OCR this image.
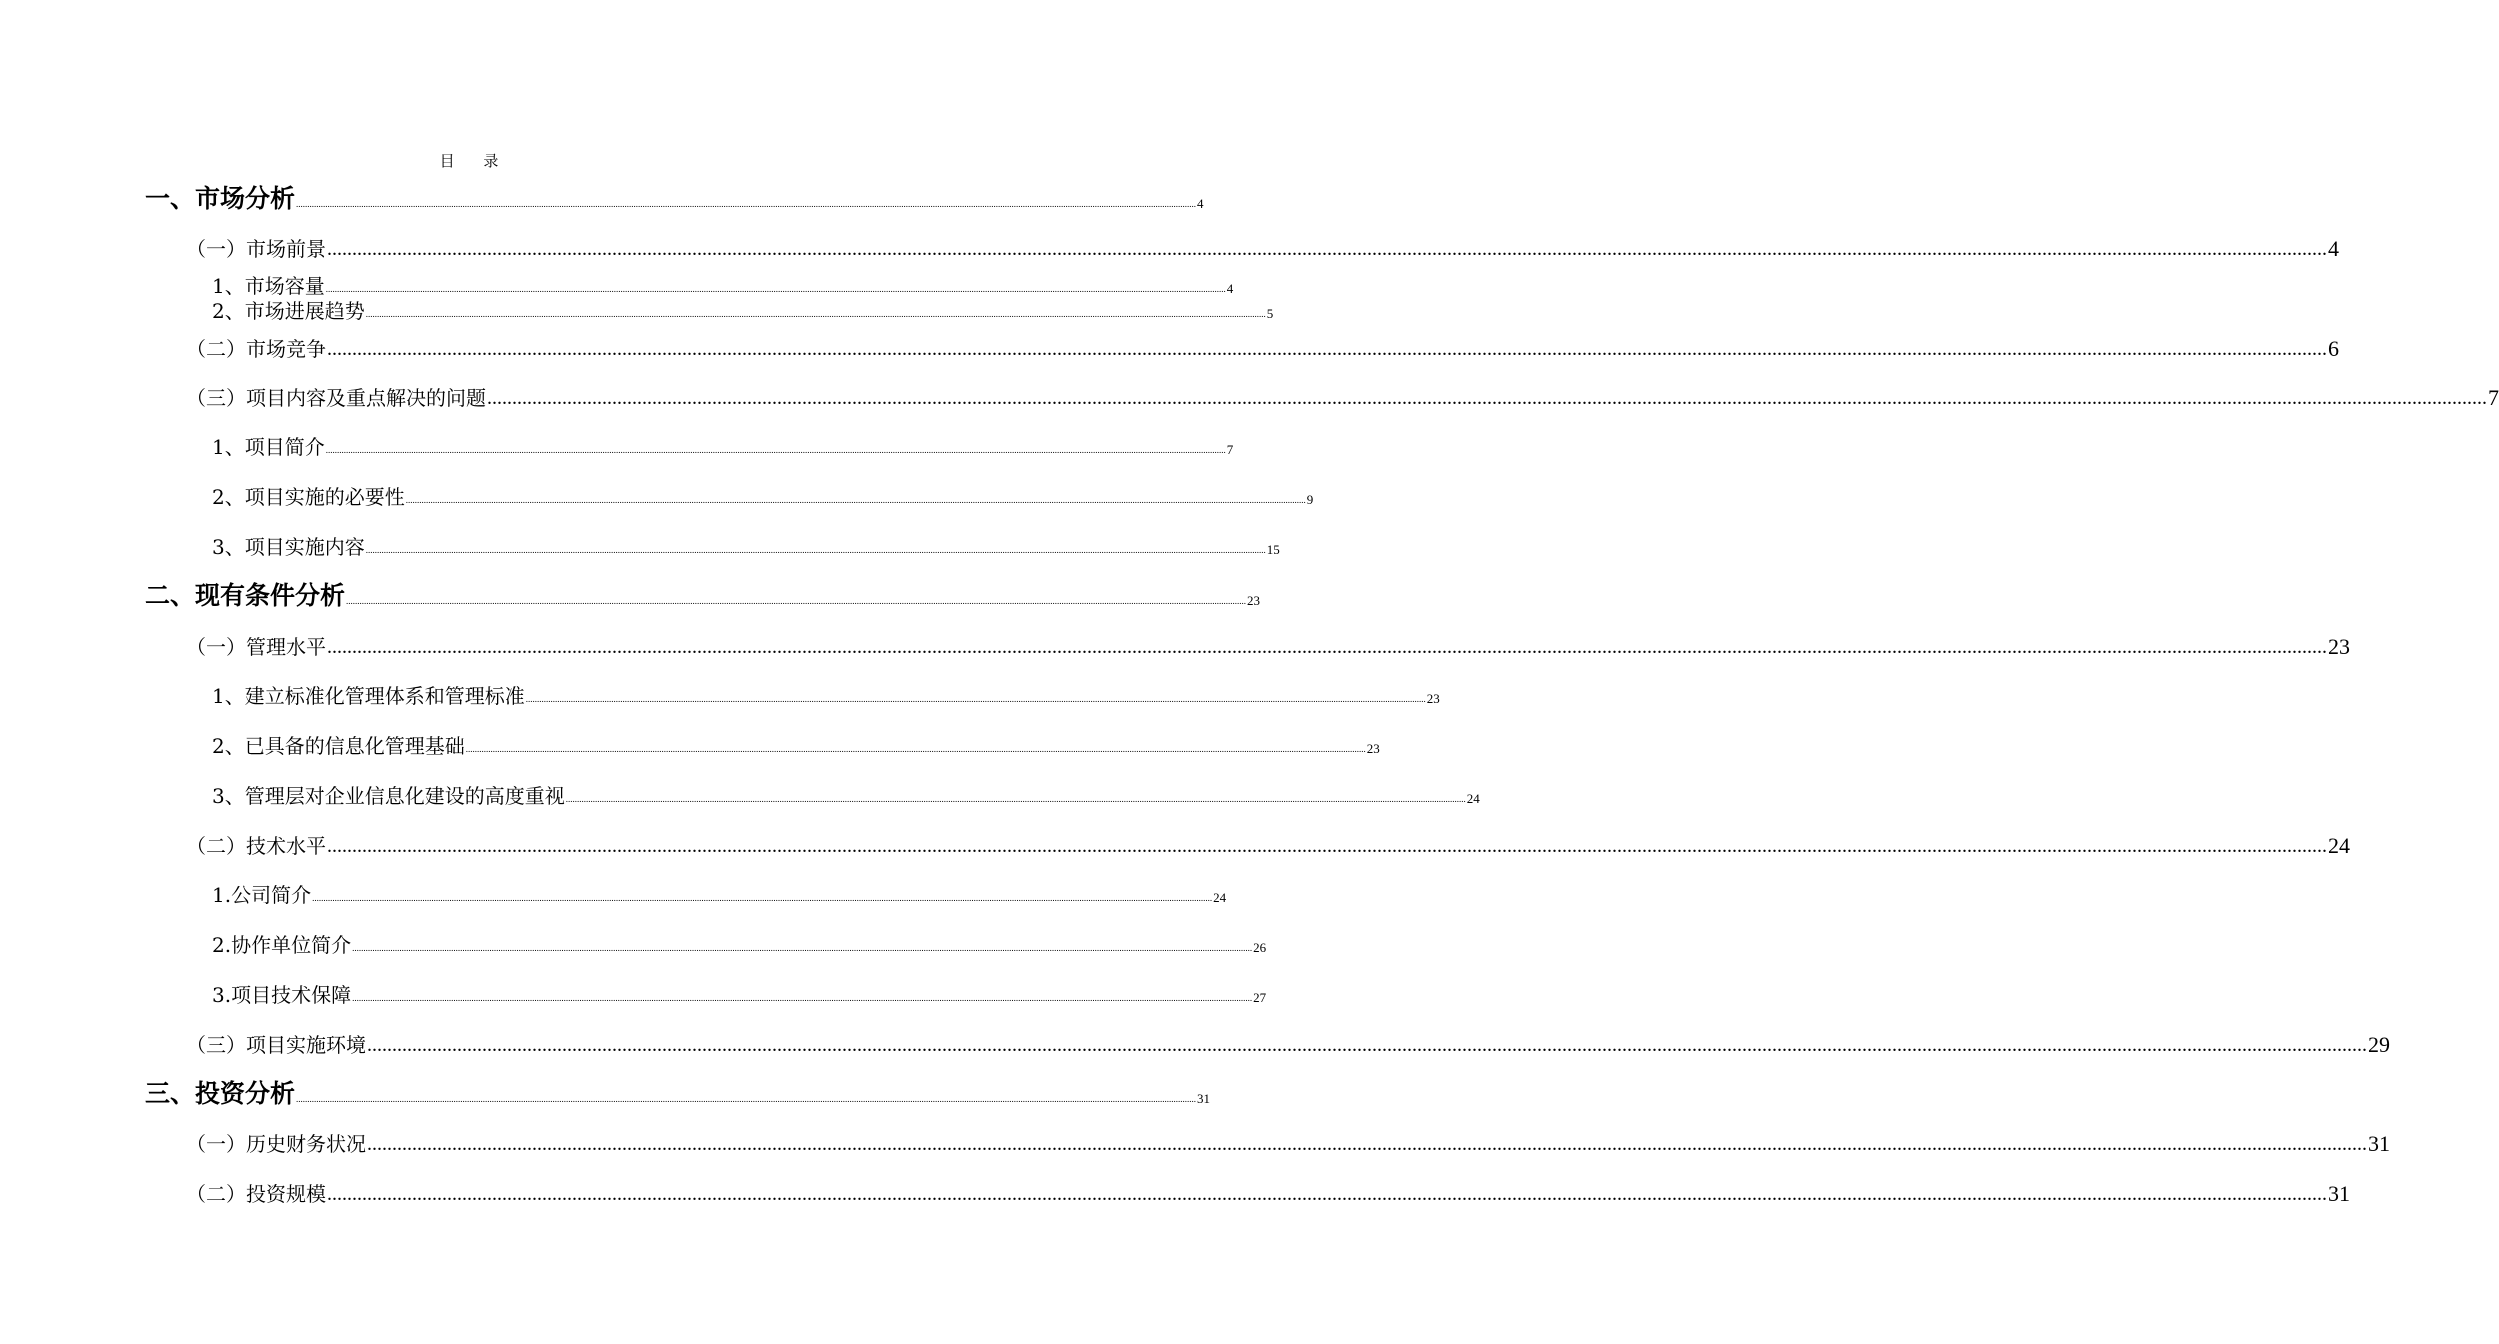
目 录
一、市场分析 ................................................................................................................................................................................................................................................................................................................................................................................................................ 4
（一）市场前景 ................................................................................................................................................................................................................................................................................................................................................................................................................ 4
1、市场容量 ................................................................................................................................................................................................................................................................................................................................................................................................................ 4
2、市场进展趋势 ................................................................................................................................................................................................................................................................................................................................................................................................................ 5
（二）市场竞争 ................................................................................................................................................................................................................................................................................................................................................................................................................ 6
（三）项目内容及重点解决的问题 ................................................................................................................................................................................................................................................................................................................................................................................................................ 7
1、项目简介 ................................................................................................................................................................................................................................................................................................................................................................................................................ 7
2、项目实施的必要性 ................................................................................................................................................................................................................................................................................................................................................................................................................ 9
3、项目实施内容 ................................................................................................................................................................................................................................................................................................................................................................................................................ 15
二、现有条件分析 ................................................................................................................................................................................................................................................................................................................................................................................................................ 23
（一）管理水平 ................................................................................................................................................................................................................................................................................................................................................................................................................ 23
1、建立标准化管理体系和管理标准 ................................................................................................................................................................................................................................................................................................................................................................................................................ 23
2、已具备的信息化管理基础 ................................................................................................................................................................................................................................................................................................................................................................................................................ 23
3、管理层对企业信息化建设的高度重视 ................................................................................................................................................................................................................................................................................................................................................................................................................ 24
（二）技术水平 ................................................................................................................................................................................................................................................................................................................................................................................................................ 24
1.公司简介 ................................................................................................................................................................................................................................................................................................................................................................................................................ 24
2.协作单位简介 ................................................................................................................................................................................................................................................................................................................................................................................................................ 26
3.项目技术保障 ................................................................................................................................................................................................................................................................................................................................................................................................................ 27
（三）项目实施环境 ................................................................................................................................................................................................................................................................................................................................................................................................................ 29
三、投资分析 ................................................................................................................................................................................................................................................................................................................................................................................................................ 31
（一）历史财务状况 ................................................................................................................................................................................................................................................................................................................................................................................................................ 31
（二）投资规模 ................................................................................................................................................................................................................................................................................................................................................................................................................ 31
